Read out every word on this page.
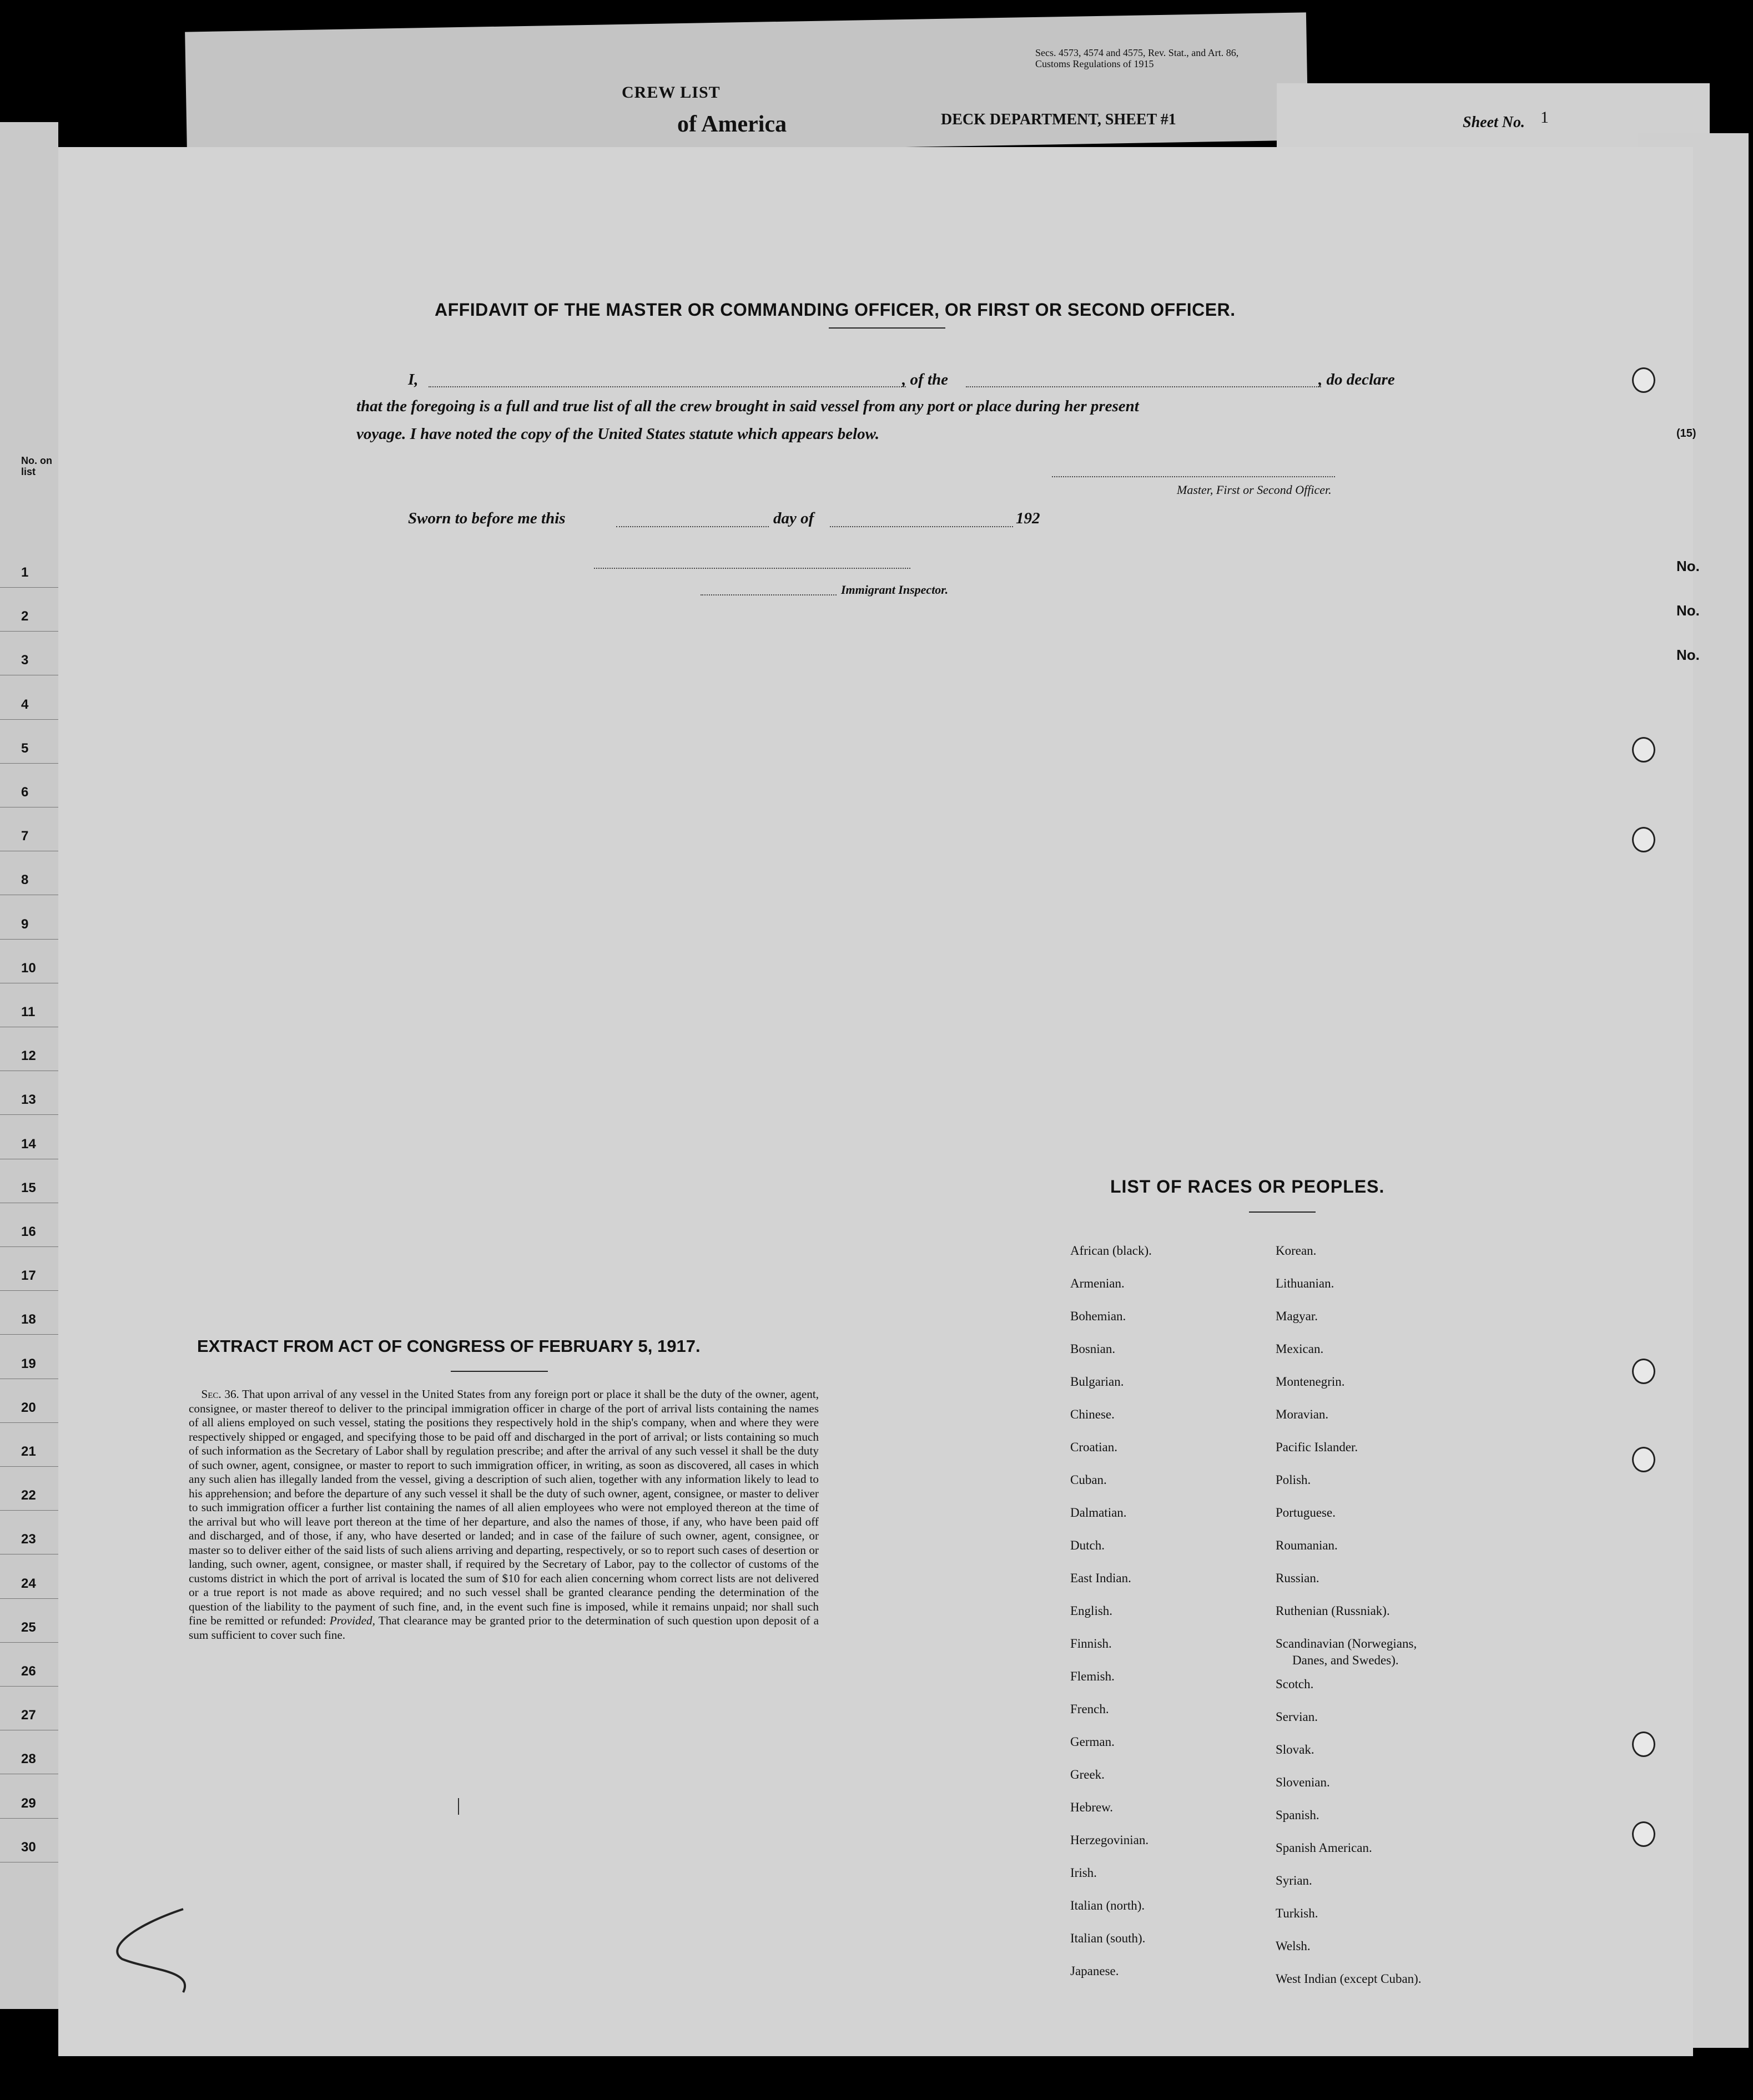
Secs. 4573, 4574 and 4575, Rev. Stat., and Art. 86, Customs Regulations of 1915
CREW LIST
of America	DECK DEPARTMENT, SHEET #1	Sheet No. 1
1
2
3
4
5
6
7
8
9
10
11
12
13
14
15
16
17
18
19
20
21
22
23
24
25
26
27
28
29
30
No. on list
AFFIDAVIT OF THE MASTER OR COMMANDING OFFICER, OR FIRST OR SECOND OFFICER.
I,	, of the	, do declare
that the foregoing is a full and true list of all the crew brought in said vessel from any port or place during her present
voyage. I have noted the copy of the United States statute which appears below.
Master, First or Second Officer.
Sworn to before me this	day of	192
Immigrant Inspector.
LIST OF RACES OR PEOPLES.
African (black).
Armenian.
Bohemian.
Bosnian.
Bulgarian.
Chinese.
Croatian.
Cuban.
Dalmatian.
Dutch.
East Indian.
English.
Finnish.
Flemish.
French.
German.
Greek.
Hebrew.
Herzegovinian.
Irish.
Italian (north).
Italian (south).
Japanese.
Korean.
Lithuanian.
Magyar.
Mexican.
Montenegrin.
Moravian.
Pacific Islander.
Polish.
Portuguese.
Roumanian.
Russian.
Ruthenian (Russniak).
Scandinavian (Norwegians,
Danes, and Swedes).
Scotch.
Servian.
Slovak.
Slovenian.
Spanish.
Spanish American.
Syrian.
Turkish.
Welsh.
West Indian (except Cuban).
EXTRACT FROM ACT OF CONGRESS OF FEBRUARY 5, 1917.
Sec. 36. That upon arrival of any vessel in the United States from any foreign port or place it shall be the duty of the owner, agent, consignee, or master thereof to deliver to the principal immigration officer in charge of the port of arrival lists containing the names of all aliens employed on such vessel, stating the positions they respectively hold in the ship's company, when and where they were respectively shipped or engaged, and specifying those to be paid off and discharged in the port of arrival; or lists containing so much of such information as the Secretary of Labor shall by regulation prescribe; and after the arrival of any such vessel it shall be the duty of such owner, agent, consignee, or master to report to such immigration officer, in writing, as soon as discovered, all cases in which any such alien has illegally landed from the vessel, giving a description of such alien, together with any information likely to lead to his apprehension; and before the departure of any such vessel it shall be the duty of such owner, agent, consignee, or master to deliver to such immigration officer a further list containing the names of all alien employees who were not employed thereon at the time of the arrival but who will leave port thereon at the time of her departure, and also the names of those, if any, who have been paid off and discharged, and of those, if any, who have deserted or landed; and in case of the failure of such owner, agent, consignee, or master so to deliver either of the said lists of such aliens arriving and departing, respectively, or so to report such cases of desertion or landing, such owner, agent, consignee, or master shall, if required by the Secretary of Labor, pay to the collector of customs of the customs district in which the port of arrival is located the sum of $10 for each alien concerning whom correct lists are not delivered or a true report is not made as above required; and no such vessel shall be granted clearance pending the determination of the question of the liability to the payment of such fine, and, in the event such fine is imposed, while it remains unpaid; nor shall such fine be remitted or refunded: Provided, That clearance may be granted prior to the determination of such question upon deposit of a sum sufficient to cover such fine.
(15)
No.
No.
No.
